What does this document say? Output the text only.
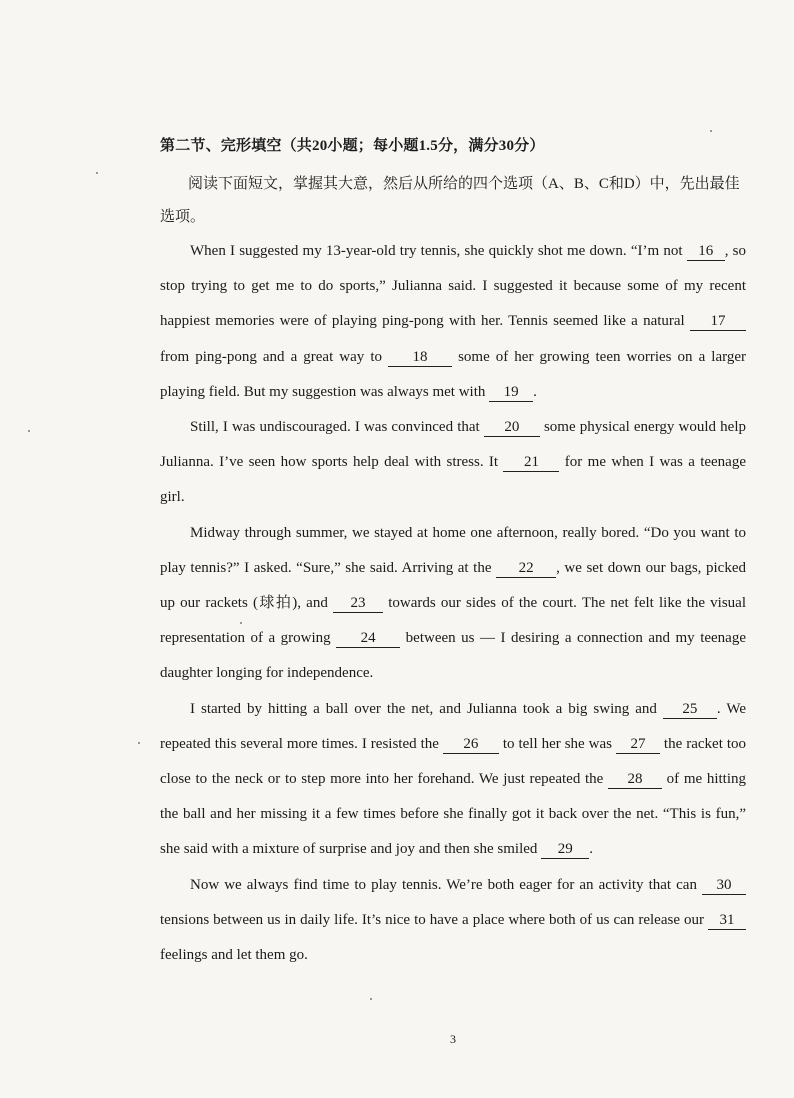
第二节、完形填空（共20小题；每小题1.5分，满分30分）
阅读下面短文，掌握其大意，然后从所给的四个选项（A、B、C和D）中，先出最佳选项。

When I suggested my 13-year-old try tennis, she quickly shot me down. “I’m not 16 , so stop trying to get me to do sports,” Julianna said. I suggested it because some of my recent happiest memories were of playing ping-pong with her. Tennis seemed like a natural 17 from ping-pong and a great way to 18 some of her growing teen worries on a larger playing field. But my suggestion was always met with 19 .

Still, I was undiscouraged. I was convinced that 20 some physical energy would help Julianna. I’ve seen how sports help deal with stress. It 21 for me when I was a teenage girl.

Midway through summer, we stayed at home one afternoon, really bored. “Do you want to play tennis?” I asked. “Sure,” she said. Arriving at the 22 , we set down our bags, picked up our rackets (球拍), and 23 towards our sides of the court. The net felt like the visual representation of a growing 24 between us — I desiring a connection and my teenage daughter longing for independence.

I started by hitting a ball over the net, and Julianna took a big swing and 25 . We repeated this several more times. I resisted the 26 to tell her she was 27 the racket too close to the neck or to step more into her forehand. We just repeated the 28 of me hitting the ball and her missing it a few times before she finally got it back over the net. “This is fun,” she said with a mixture of surprise and joy and then she smiled 29 .

Now we always find time to play tennis. We’re both eager for an activity that can 30 tensions between us in daily life. It’s nice to have a place where both of us can release our 31 feelings and let them go.

3
